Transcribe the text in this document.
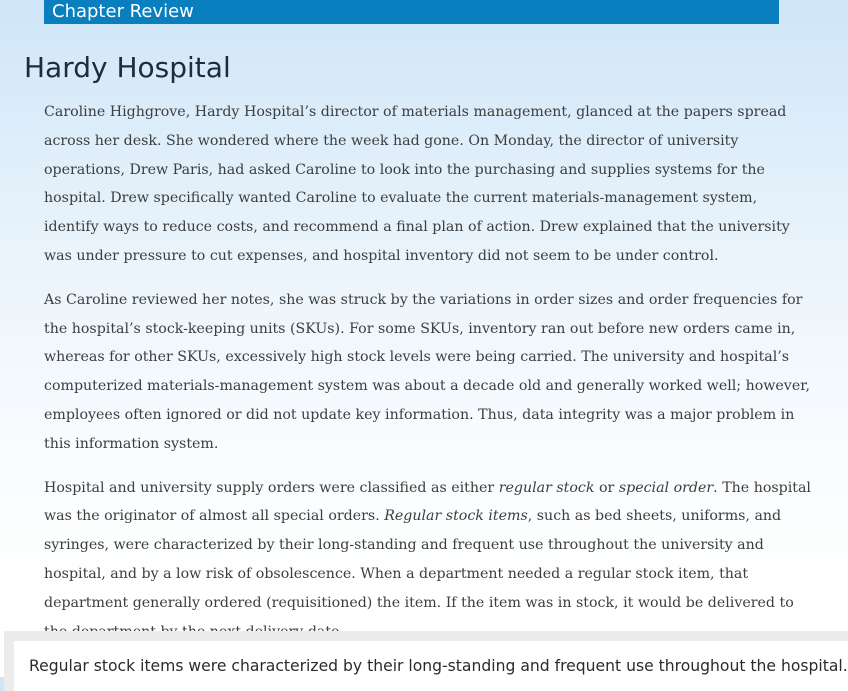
Chapter Review
Hardy Hospital

Caroline Highgrove, Hardy Hospital’s director of materials management, glanced at the papers spread across her desk. She wondered where the week had gone. On Monday, the director of university operations, Drew Paris, had asked Caroline to look into the purchasing and supplies systems for the hospital. Drew specifically wanted Caroline to evaluate the current materials-management system, identify ways to reduce costs, and recommend a final plan of action. Drew explained that the university was under pressure to cut expenses, and hospital inventory did not seem to be under control.

As Caroline reviewed her notes, she was struck by the variations in order sizes and order frequencies for the hospital’s stock-keeping units (SKUs). For some SKUs, inventory ran out before new orders came in, whereas for other SKUs, excessively high stock levels were being carried. The university and hospital’s computerized materials-management system was about a decade old and generally worked well; however, employees often ignored or did not update key information. Thus, data integrity was a major problem in this information system.

Hospital and university supply orders were classified as either regular stock or special order. The hospital was the originator of almost all special orders. Regular stock items, such as bed sheets, uniforms, and syringes, were characterized by their long-standing and frequent use throughout the university and hospital, and by a low risk of obsolescence. When a department needed a regular stock item, that department generally ordered (requisitioned) the item. If the item was in stock, it would be delivered to

Regular stock items were characterized by their long-standing and frequent use throughout the hospital.
